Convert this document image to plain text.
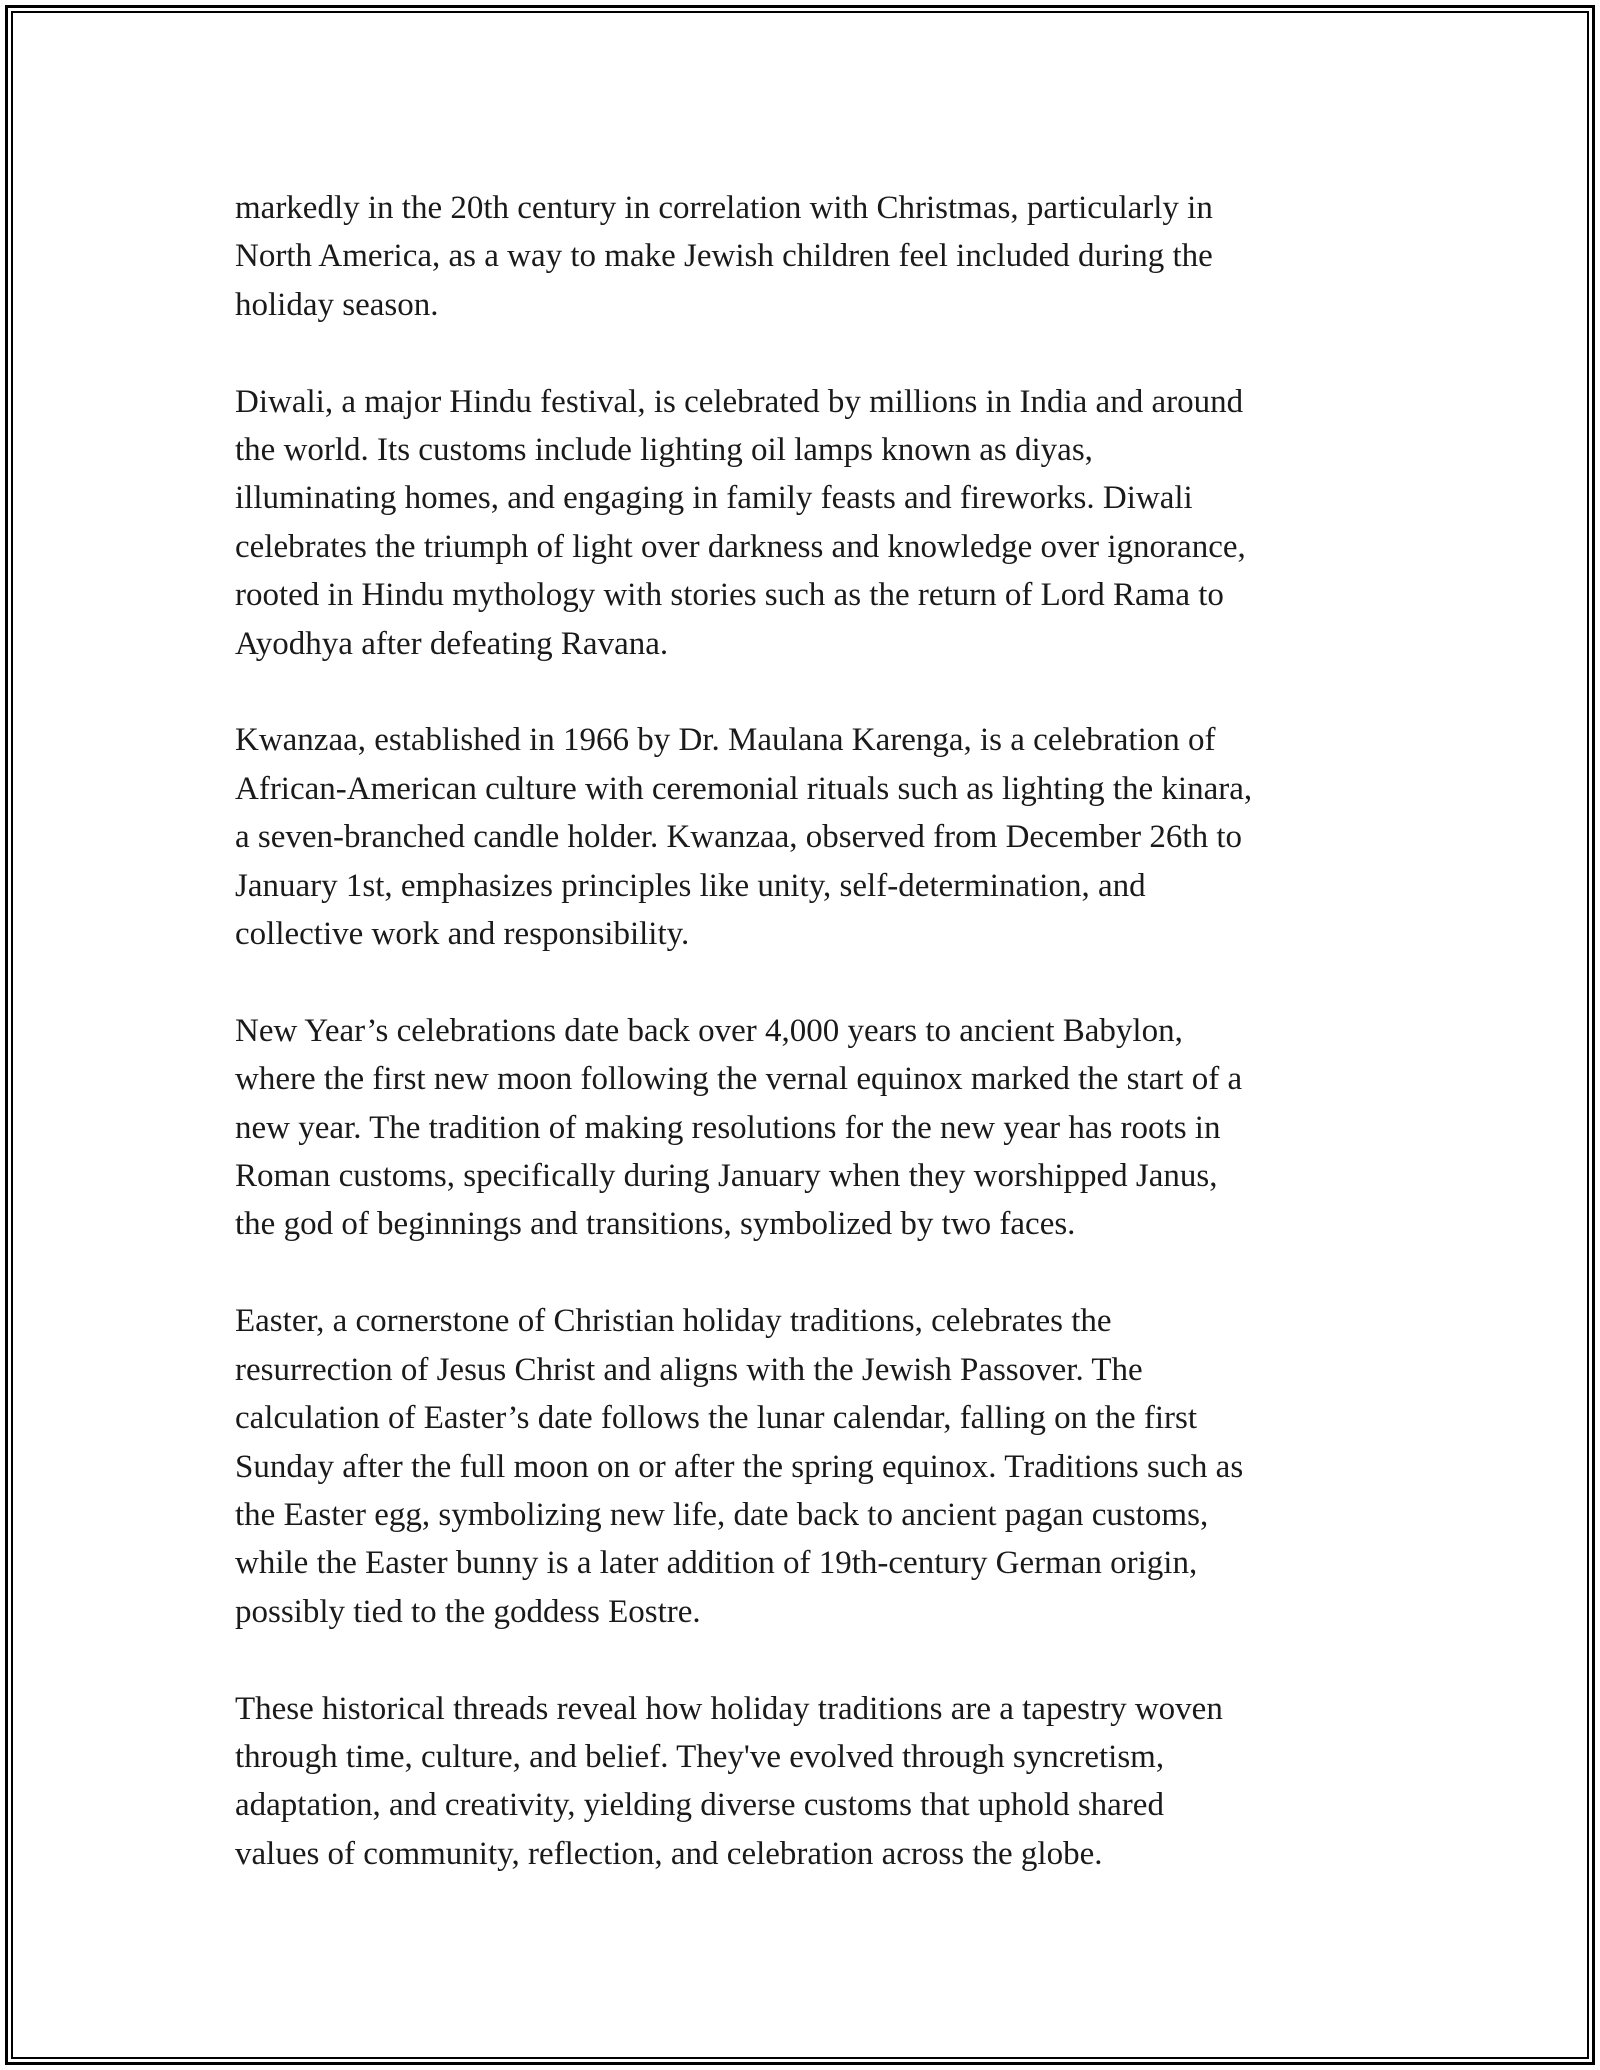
markedly in the 20th century in correlation with Christmas, particularly in
North America, as a way to make Jewish children feel included during the
holiday season.

Diwali, a major Hindu festival, is celebrated by millions in India and around
the world. Its customs include lighting oil lamps known as diyas,
illuminating homes, and engaging in family feasts and fireworks. Diwali
celebrates the triumph of light over darkness and knowledge over ignorance,
rooted in Hindu mythology with stories such as the return of Lord Rama to
Ayodhya after defeating Ravana.

Kwanzaa, established in 1966 by Dr. Maulana Karenga, is a celebration of
African-American culture with ceremonial rituals such as lighting the kinara,
a seven-branched candle holder. Kwanzaa, observed from December 26th to
January 1st, emphasizes principles like unity, self-determination, and
collective work and responsibility.

New Year’s celebrations date back over 4,000 years to ancient Babylon,
where the first new moon following the vernal equinox marked the start of a
new year. The tradition of making resolutions for the new year has roots in
Roman customs, specifically during January when they worshipped Janus,
the god of beginnings and transitions, symbolized by two faces.

Easter, a cornerstone of Christian holiday traditions, celebrates the
resurrection of Jesus Christ and aligns with the Jewish Passover. The
calculation of Easter’s date follows the lunar calendar, falling on the first
Sunday after the full moon on or after the spring equinox. Traditions such as
the Easter egg, symbolizing new life, date back to ancient pagan customs,
while the Easter bunny is a later addition of 19th-century German origin,
possibly tied to the goddess Eostre.

These historical threads reveal how holiday traditions are a tapestry woven
through time, culture, and belief. They've evolved through syncretism,
adaptation, and creativity, yielding diverse customs that uphold shared
values of community, reflection, and celebration across the globe.
